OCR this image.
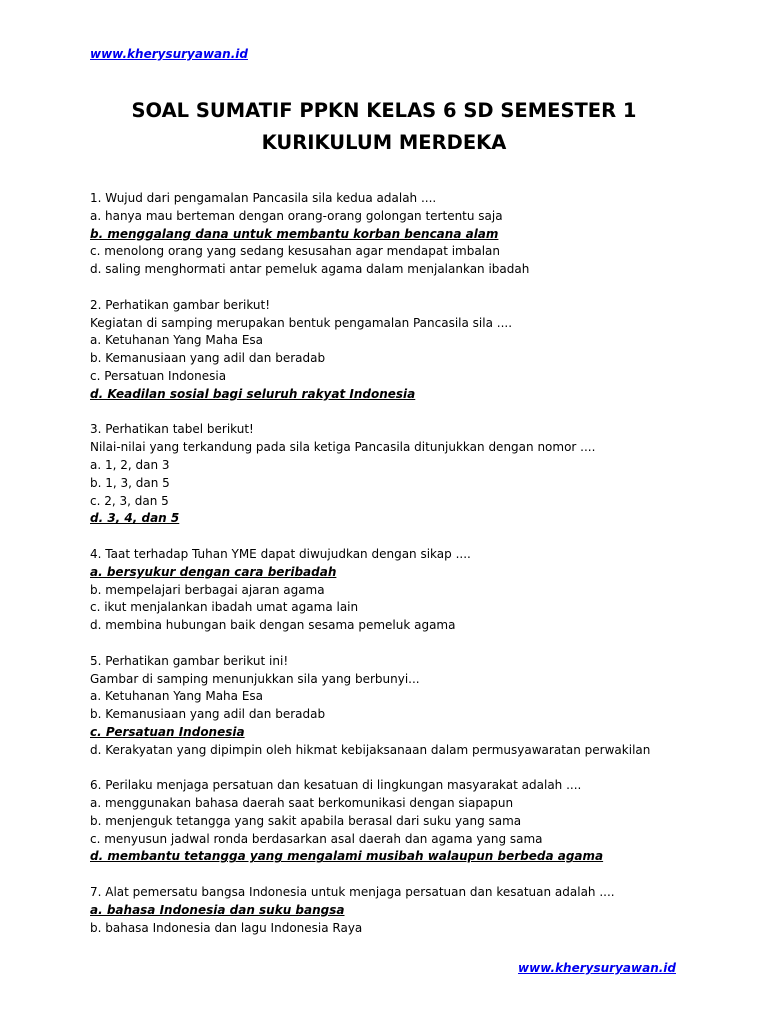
www.kherysuryawan.id
SOAL SUMATIF PPKN KELAS 6 SD SEMESTER 1
KURIKULUM MERDEKA
1. Wujud dari pengamalan Pancasila sila kedua adalah ....
a. hanya mau berteman dengan orang-orang golongan tertentu saja
b. menggalang dana untuk membantu korban bencana alam
c. menolong orang yang sedang kesusahan agar mendapat imbalan
d. saling menghormati antar pemeluk agama dalam menjalankan ibadah
2. Perhatikan gambar berikut!
Kegiatan di samping merupakan bentuk pengamalan Pancasila sila ....
a. Ketuhanan Yang Maha Esa
b. Kemanusiaan yang adil dan beradab
c. Persatuan Indonesia
d. Keadilan sosial bagi seluruh rakyat Indonesia
3. Perhatikan tabel berikut!
Nilai-nilai yang terkandung pada sila ketiga Pancasila ditunjukkan dengan nomor ....
a. 1, 2, dan 3
b. 1, 3, dan 5
c. 2, 3, dan 5
d. 3, 4, dan 5
4. Taat terhadap Tuhan YME dapat diwujudkan dengan sikap ....
a. bersyukur dengan cara beribadah
b. mempelajari berbagai ajaran agama
c. ikut menjalankan ibadah umat agama lain
d. membina hubungan baik dengan sesama pemeluk agama
5. Perhatikan gambar berikut ini!
Gambar di samping menunjukkan sila yang berbunyi...
a. Ketuhanan Yang Maha Esa
b. Kemanusiaan yang adil dan beradab
c. Persatuan Indonesia
d. Kerakyatan yang dipimpin oleh hikmat kebijaksanaan dalam permusyawaratan perwakilan
6. Perilaku menjaga persatuan dan kesatuan di lingkungan masyarakat adalah ....
a. menggunakan bahasa daerah saat berkomunikasi dengan siapapun
b. menjenguk tetangga yang sakit apabila berasal dari suku yang sama
c. menyusun jadwal ronda berdasarkan asal daerah dan agama yang sama
d. membantu tetangga yang mengalami musibah walaupun berbeda agama
7. Alat pemersatu bangsa Indonesia untuk menjaga persatuan dan kesatuan adalah ....
a. bahasa Indonesia dan suku bangsa
b. bahasa Indonesia dan lagu Indonesia Raya
www.kherysuryawan.id
